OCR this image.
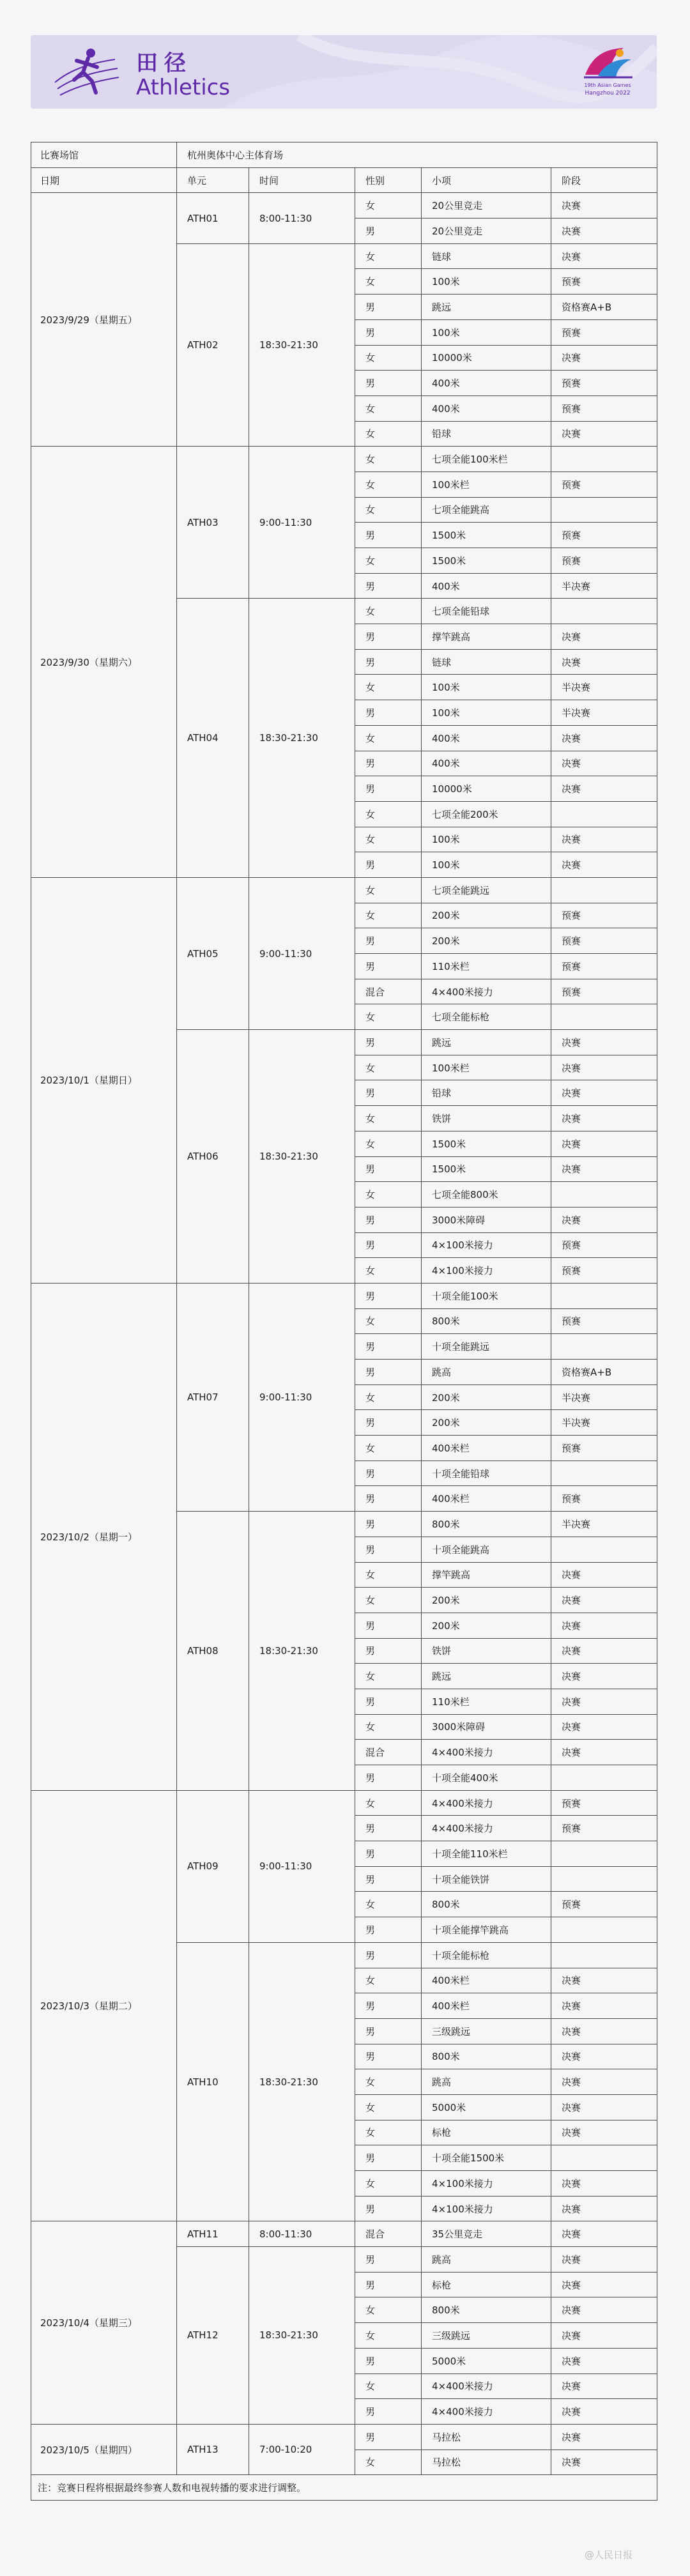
田径
Athletics	19th Asian Games
Hangzhou 2022
比赛场馆	杭州奥体中心主体育场				
日期	单元	时间	性别	小项	阶段
2023/9/29（星期五）	ATH01	8:00-11:30	女	20公里竞走	决赛
			男	20公里竞走	决赛
	ATH02	18:30-21:30	女	链球	决赛
			女	100米	预赛
			男	跳远	资格赛A+B
			男	100米	预赛
			女	10000米	决赛
			男	400米	预赛
			女	400米	预赛
			女	铅球	决赛
2023/9/30（星期六）	ATH03	9:00-11:30	女	七项全能100米栏	
			女	100米栏	预赛
			女	七项全能跳高	
			男	1500米	预赛
			女	1500米	预赛
			男	400米	半决赛
	ATH04	18:30-21:30	女	七项全能铅球	
			男	撑竿跳高	决赛
			男	链球	决赛
			女	100米	半决赛
			男	100米	半决赛
			女	400米	决赛
			男	400米	决赛
			男	10000米	决赛
			女	七项全能200米	
			女	100米	决赛
			男	100米	决赛
2023/10/1（星期日）	ATH05	9:00-11:30	女	七项全能跳远	
			女	200米	预赛
			男	200米	预赛
			男	110米栏	预赛
			混合	4×400米接力	预赛
			女	七项全能标枪	
	ATH06	18:30-21:30	男	跳远	决赛
			女	100米栏	决赛
			男	铅球	决赛
			女	铁饼	决赛
			女	1500米	决赛
			男	1500米	决赛
			女	七项全能800米	
			男	3000米障碍	决赛
			男	4×100米接力	预赛
			女	4×100米接力	预赛
2023/10/2（星期一）	ATH07	9:00-11:30	男	十项全能100米	
			女	800米	预赛
			男	十项全能跳远	
			男	跳高	资格赛A+B
			女	200米	半决赛
			男	200米	半决赛
			女	400米栏	预赛
			男	十项全能铅球	
			男	400米栏	预赛
	ATH08	18:30-21:30	男	800米	半决赛
			男	十项全能跳高	
			女	撑竿跳高	决赛
			女	200米	决赛
			男	200米	决赛
			男	铁饼	决赛
			女	跳远	决赛
			男	110米栏	决赛
			女	3000米障碍	决赛
			混合	4×400米接力	决赛
			男	十项全能400米	
2023/10/3（星期二）	ATH09	9:00-11:30	女	4×400米接力	预赛
			男	4×400米接力	预赛
			男	十项全能110米栏	
			男	十项全能铁饼	
			女	800米	预赛
			男	十项全能撑竿跳高	
	ATH10	18:30-21:30	男	十项全能标枪	
			女	400米栏	决赛
			男	400米栏	决赛
			男	三级跳远	决赛
			男	800米	决赛
			女	跳高	决赛
			女	5000米	决赛
			女	标枪	决赛
			男	十项全能1500米	
			女	4×100米接力	决赛
			男	4×100米接力	决赛
2023/10/4（星期三）	ATH11	8:00-11:30	混合	35公里竞走	决赛
	ATH12	18:30-21:30	男	跳高	决赛
			男	标枪	决赛
			女	800米	决赛
			女	三级跳远	决赛
			男	5000米	决赛
			女	4×400米接力	决赛
			男	4×400米接力	决赛
2023/10/5（星期四）	ATH13	7:00-10:20	男	马拉松	决赛
			女	马拉松	决赛
注：竞赛日程将根据最终参赛人数和电视转播的要求进行调整。					
@人民日报
